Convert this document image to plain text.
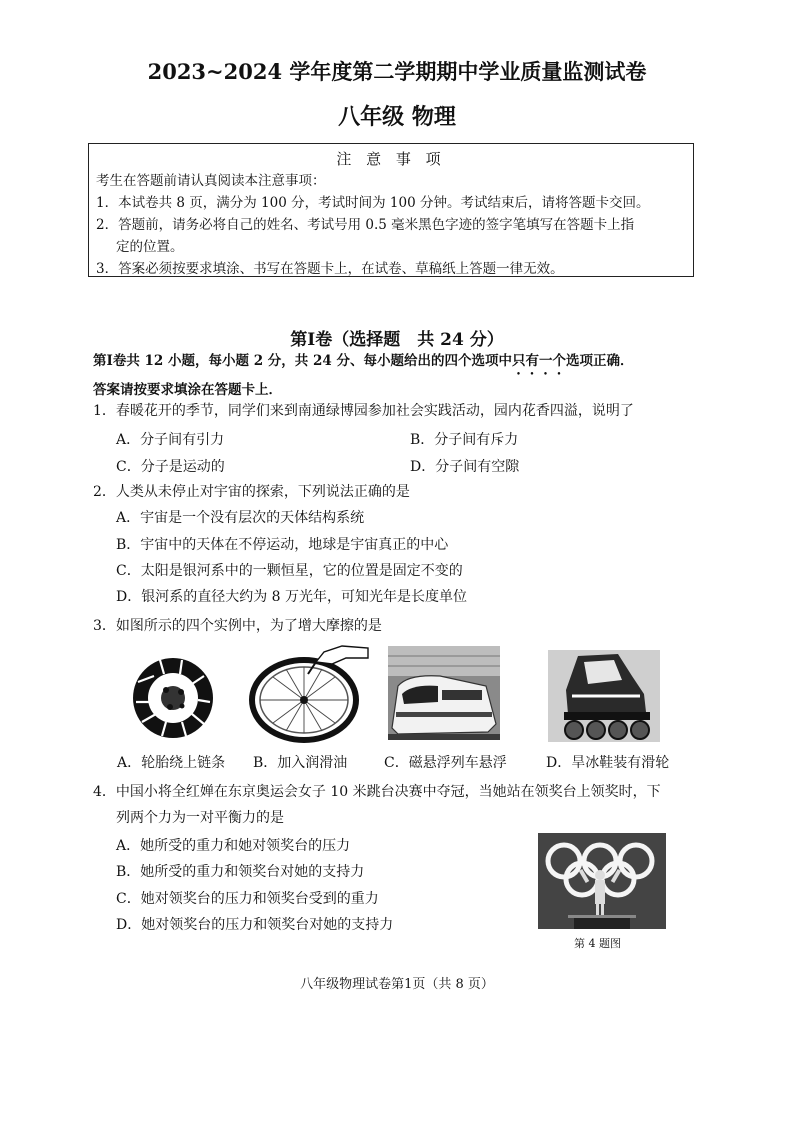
2023~2024 学年度第二学期期中学业质量监测试卷
八年级 物理
注 意 事 项
考生在答题前请认真阅读本注意事项：
1．本试卷共 8 页，满分为 100 分，考试时间为 100 分钟。考试结束后，请将答题卡交回。
2．答题前，请务必将自己的姓名、考试号用 0.5 毫米黑色字迹的签字笔填写在答题卡上指
定的位置。
3．答案必须按要求填涂、书写在答题卡上，在试卷、草稿纸上答题一律无效。
第Ⅰ卷（选择题　共 24 分）
第Ⅰ卷共 12 小题，每小题 2 分，共 24 分、每小题给出的四个选项中只有一个选项正确．
答案请按要求填涂在答题卡上．
1．春暖花开的季节，同学们来到南通绿博园参加社会实践活动，园内花香四溢，说明了
A．分子间有引力	B．分子间有斥力
C．分子是运动的	D．分子间有空隙
2．人类从未停止对宇宙的探索，下列说法正确的是
A．宇宙是一个没有层次的天体结构系统
B．宇宙中的天体在不停运动，地球是宇宙真正的中心
C．太阳是银河系中的一颗恒星，它的位置是固定不变的
D．银河系的直径大约为 8 万光年，可知光年是长度单位
3．如图所示的四个实例中，为了增大摩擦的是
A．轮胎绕上链条 B．加入润滑油	C．磁悬浮列车悬浮	D．旱冰鞋装有滑轮
4．中国小将全红婵在东京奥运会女子 10 米跳台决赛中夺冠，当她站在领奖台上领奖时，下
列两个力为一对平衡力的是
A．她所受的重力和她对领奖台的压力
B．她所受的重力和领奖台对她的支持力
C．她对领奖台的压力和领奖台受到的重力
D．她对领奖台的压力和领奖台对她的支持力
第 4 题图
八年级物理试卷第1页（共 8 页）
